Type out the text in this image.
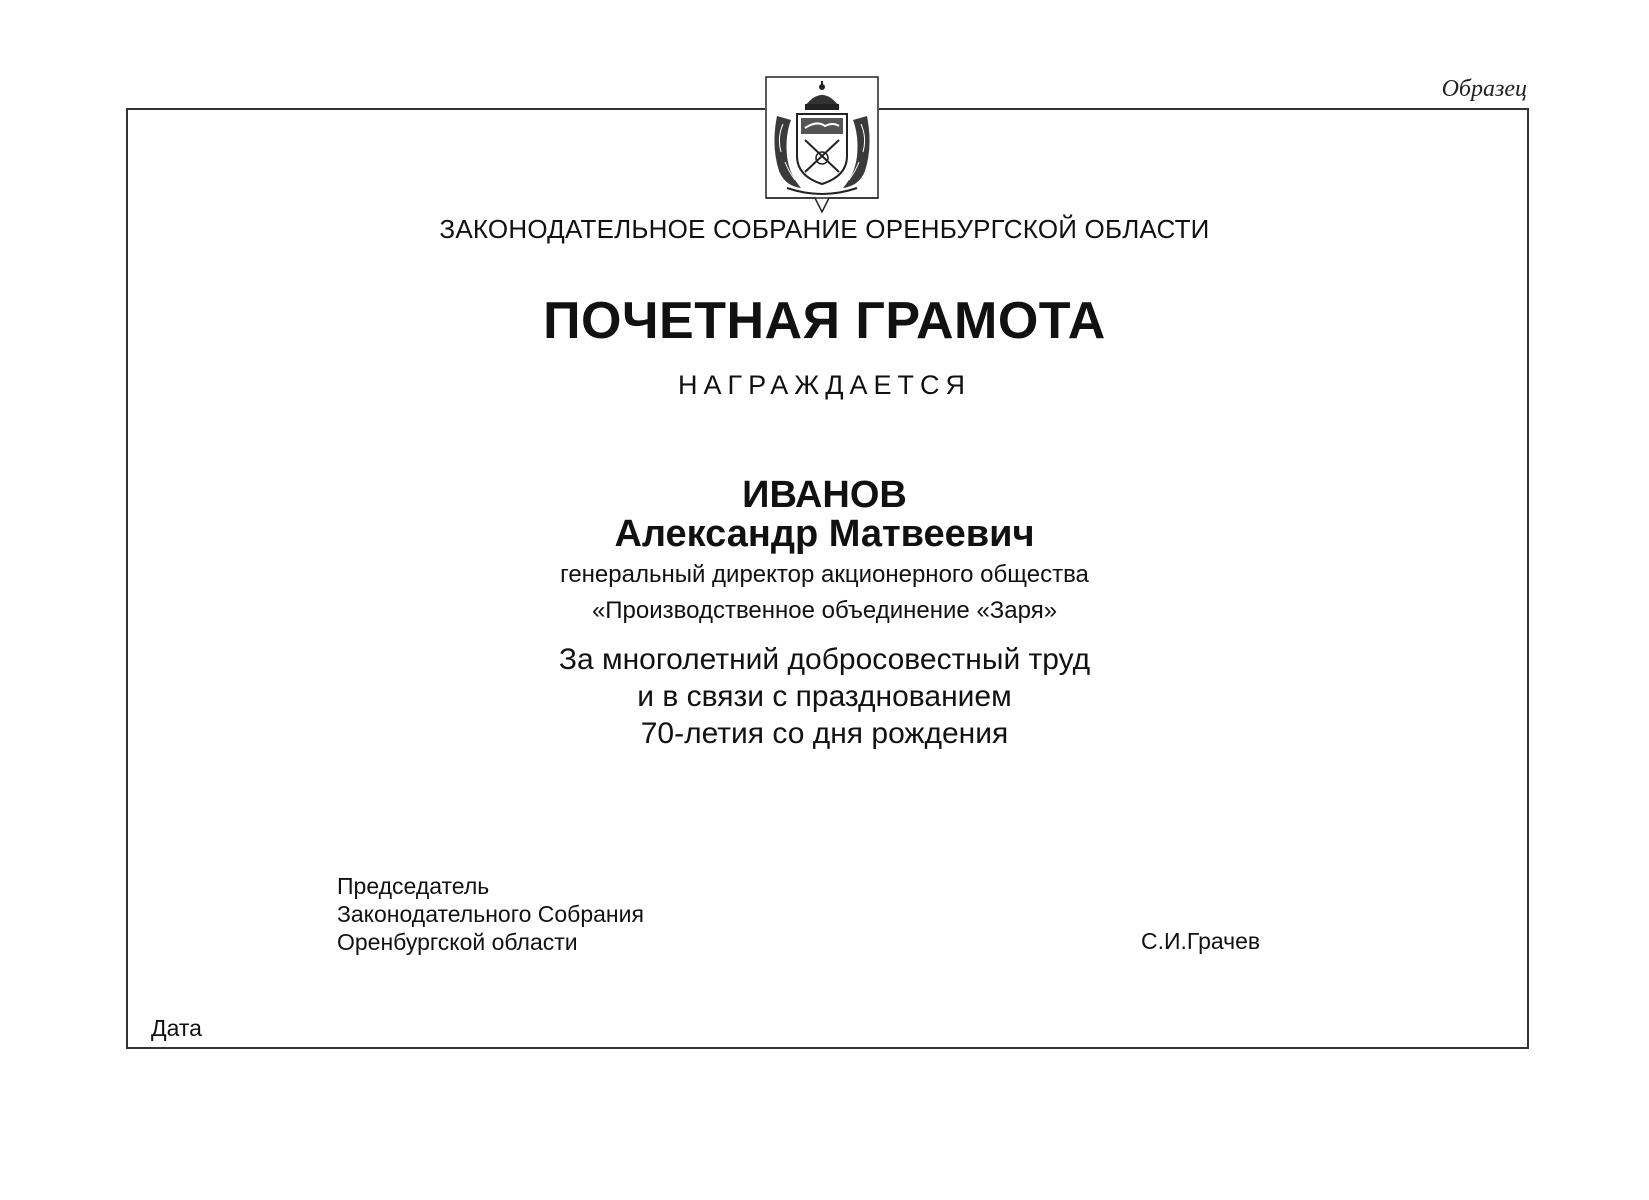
Образец
ЗАКОНОДАТЕЛЬНОЕ СОБРАНИЕ ОРЕНБУРГСКОЙ ОБЛАСТИ
ПОЧЕТНАЯ ГРАМОТА
НАГРАЖДАЕТСЯ
ИВАНОВ
Александр Матвеевич
генеральный директор акционерного общества
«Производственное объединение «Заря»
За многолетний добросовестный труд
и в связи с празднованием
70-летия со дня рождения
Председатель
Законодательного Собрания
Оренбургской области	С.И.Грачев
Дата
